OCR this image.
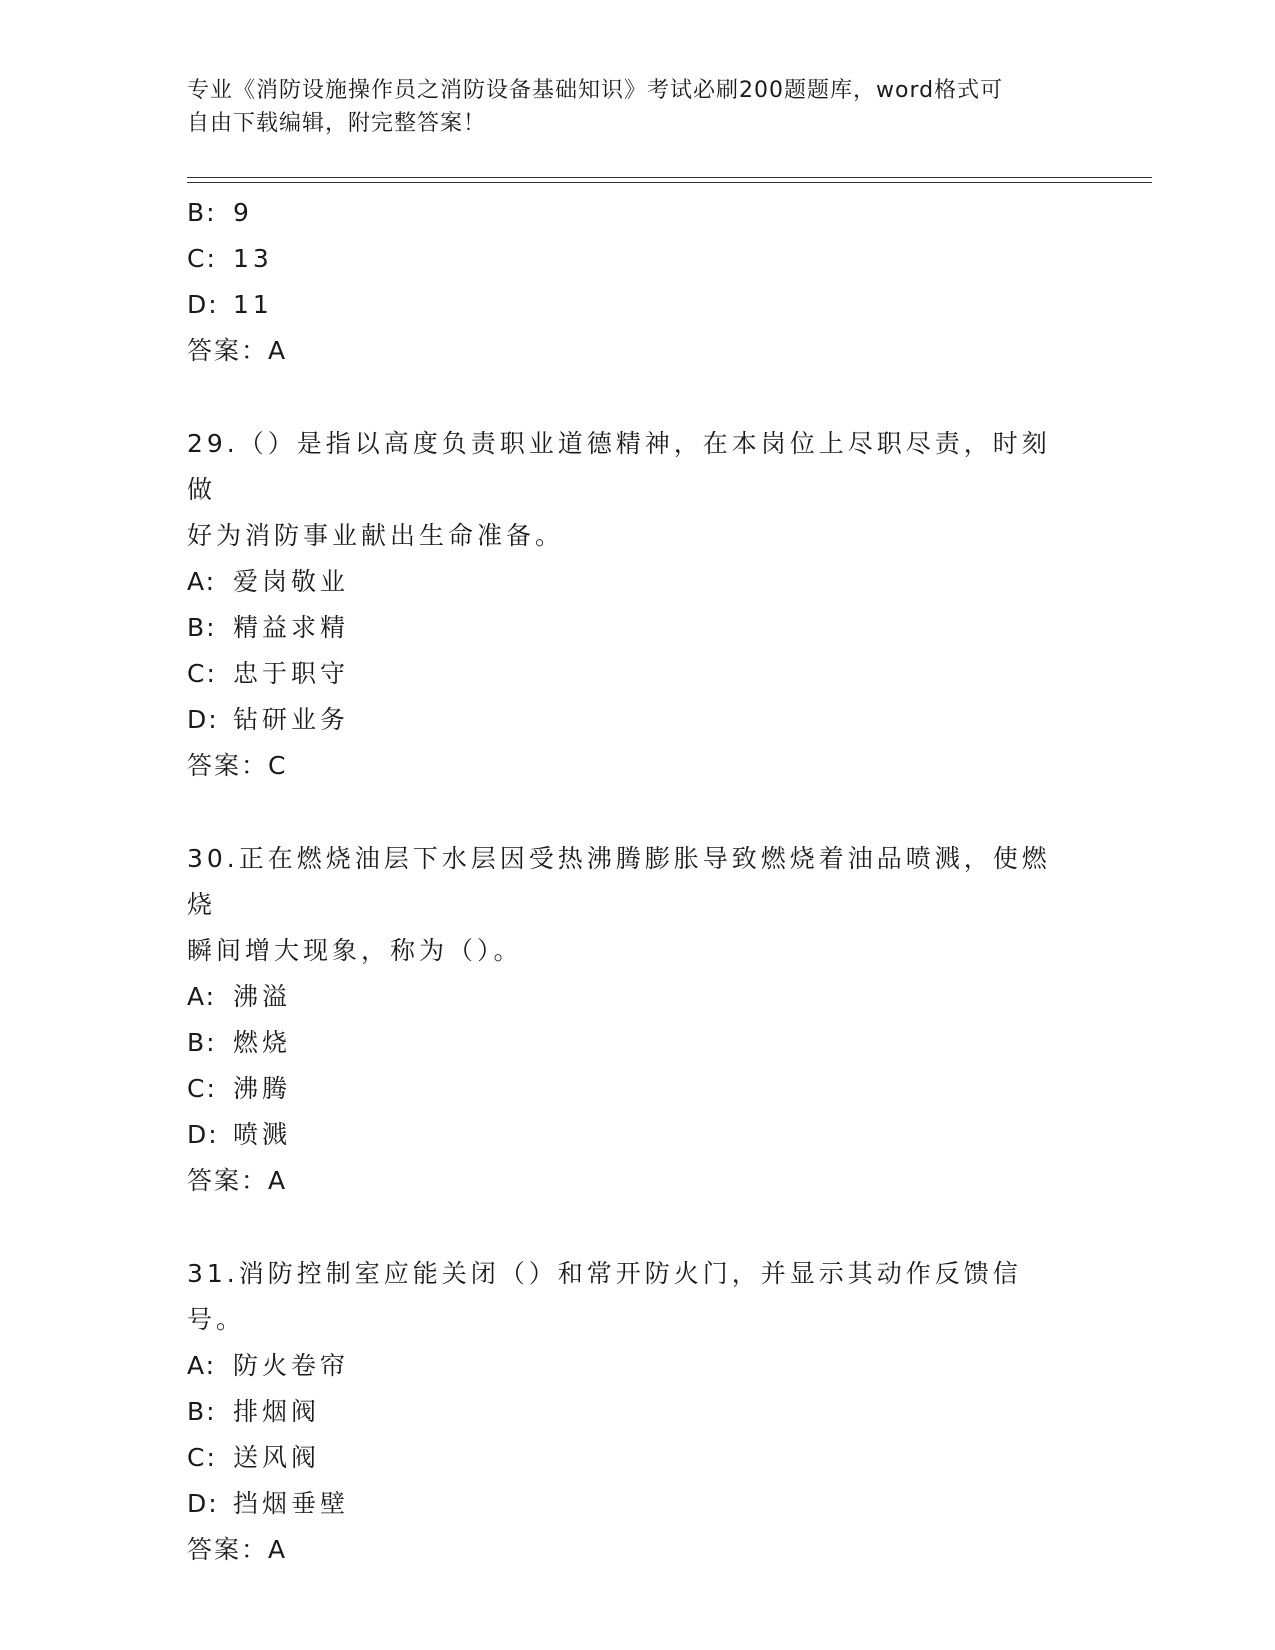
专业《消防设施操作员之消防设备基础知识》考试必刷200题题库，word格式可
自由下载编辑，附完整答案！
B: 9
C: 13
D: 11
答案：A
29.（）是指以高度负责职业道德精神，在本岗位上尽职尽责，时刻做
好为消防事业献出生命准备。
A: 爱岗敬业
B: 精益求精
C: 忠于职守
D: 钻研业务
答案：C
30.正在燃烧油层下水层因受热沸腾膨胀导致燃烧着油品喷溅，使燃烧
瞬间增大现象，称为（）。
A: 沸溢
B: 燃烧
C: 沸腾
D: 喷溅
答案：A
31.消防控制室应能关闭（）和常开防火门，并显示其动作反馈信号。
A: 防火卷帘
B: 排烟阀
C: 送风阀
D: 挡烟垂壁
答案：A
